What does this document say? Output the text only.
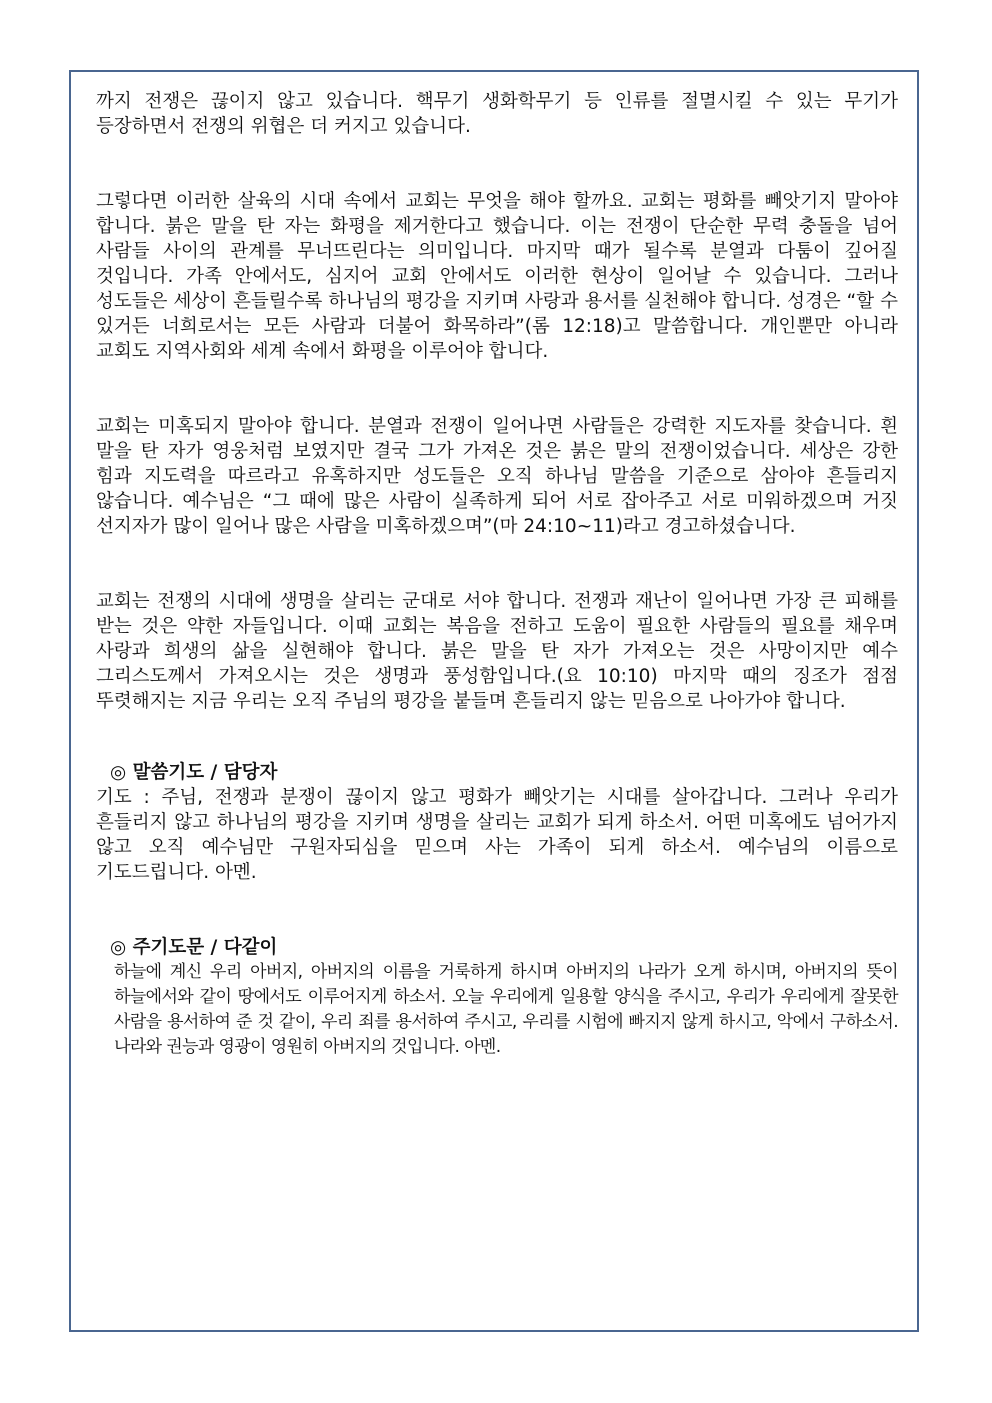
까지 전쟁은 끊이지 않고 있습니다. 핵무기 생화학무기 등 인류를 절멸시킬 수 있는 무기가 등장하면서 전쟁의 위협은 더 커지고 있습니다.

그렇다면 이러한 살육의 시대 속에서 교회는 무엇을 해야 할까요. 교회는 평화를 빼앗기지 말아야 합니다. 붉은 말을 탄 자는 화평을 제거한다고 했습니다. 이는 전쟁이 단순한 무력 충돌을 넘어 사람들 사이의 관계를 무너뜨린다는 의미입니다. 마지막 때가 될수록 분열과 다툼이 깊어질 것입니다. 가족 안에서도, 심지어 교회 안에서도 이러한 현상이 일어날 수 있습니다. 그러나 성도들은 세상이 흔들릴수록 하나님의 평강을 지키며 사랑과 용서를 실천해야 합니다. 성경은 “할 수 있거든 너희로서는 모든 사람과 더불어 화목하라”(롬 12:18)고 말씀합니다. 개인뿐만 아니라 교회도 지역사회와 세계 속에서 화평을 이루어야 합니다.

교회는 미혹되지 말아야 합니다. 분열과 전쟁이 일어나면 사람들은 강력한 지도자를 찾습니다. 흰 말을 탄 자가 영웅처럼 보였지만 결국 그가 가져온 것은 붉은 말의 전쟁이었습니다. 세상은 강한 힘과 지도력을 따르라고 유혹하지만 성도들은 오직 하나님 말씀을 기준으로 삼아야 흔들리지 않습니다. 예수님은 “그 때에 많은 사람이 실족하게 되어 서로 잡아주고 서로 미워하겠으며 거짓 선지자가 많이 일어나 많은 사람을 미혹하겠으며”(마 24:10~11)라고 경고하셨습니다.

교회는 전쟁의 시대에 생명을 살리는 군대로 서야 합니다. 전쟁과 재난이 일어나면 가장 큰 피해를 받는 것은 약한 자들입니다. 이때 교회는 복음을 전하고 도움이 필요한 사람들의 필요를 채우며 사랑과 희생의 삶을 실현해야 합니다. 붉은 말을 탄 자가 가져오는 것은 사망이지만 예수 그리스도께서 가져오시는 것은 생명과 풍성함입니다.(요 10:10) 마지막 때의 징조가 점점 뚜렷해지는 지금 우리는 오직 주님의 평강을 붙들며 흔들리지 않는 믿음으로 나아가야 합니다.

◎ 말씀기도 / 담당자

기도 : 주님, 전쟁과 분쟁이 끊이지 않고 평화가 빼앗기는 시대를 살아갑니다. 그러나 우리가 흔들리지 않고 하나님의 평강을 지키며 생명을 살리는 교회가 되게 하소서. 어떤 미혹에도 넘어가지 않고 오직 예수님만 구원자되심을 믿으며 사는 가족이 되게 하소서. 예수님의 이름으로 기도드립니다. 아멘.

◎ 주기도문 / 다같이

하늘에 계신 우리 아버지, 아버지의 이름을 거룩하게 하시며 아버지의 나라가 오게 하시며, 아버지의 뜻이 하늘에서와 같이 땅에서도 이루어지게 하소서. 오늘 우리에게 일용할 양식을 주시고, 우리가 우리에게 잘못한 사람을 용서하여 준 것 같이, 우리 죄를 용서하여 주시고, 우리를 시험에 빠지지 않게 하시고, 악에서 구하소서. 나라와 권능과 영광이 영원히 아버지의 것입니다. 아멘.
